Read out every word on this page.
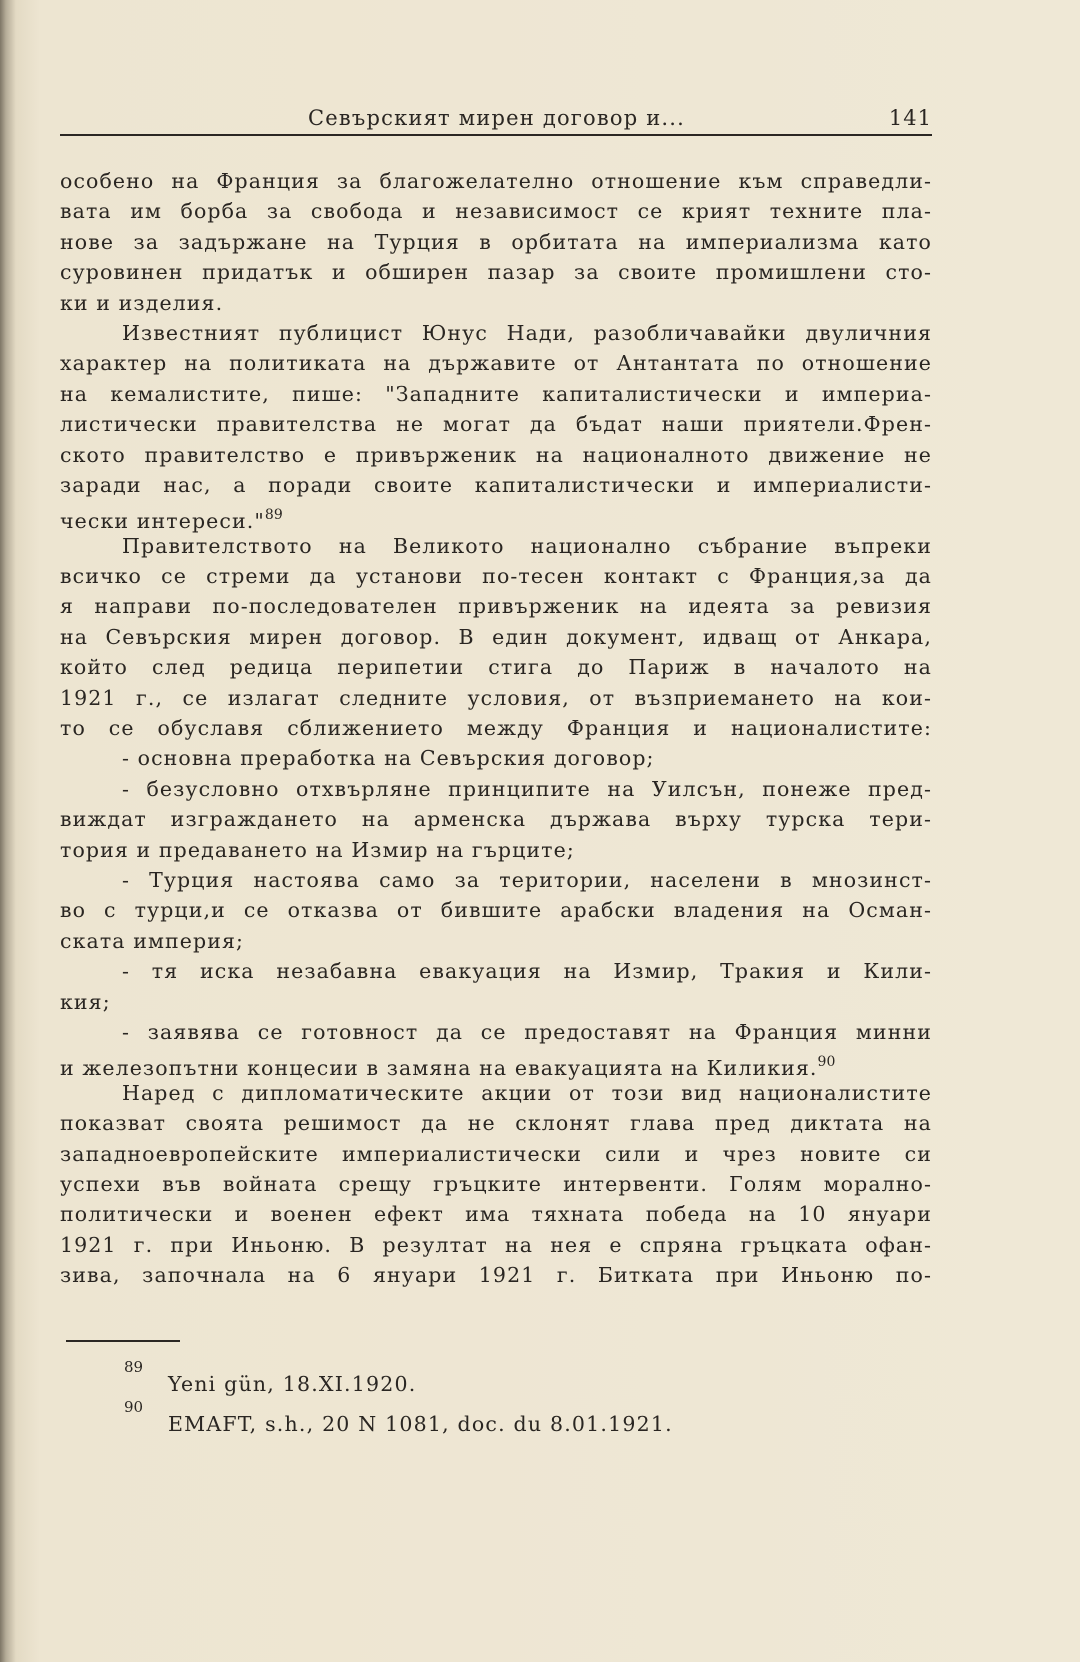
Севърският мирен договор и...	141
особено на Франция за благожелателно отношение към справедли-
вата им борба за свобода и независимост се крият техните пла-
нове за задържане на Турция в орбитата на империализма като
суровинен придатък и обширен пазар за своите промишлени сто-
ки и изделия.
Известният публицист Юнус Нади, разобличавайки двуличния
характер на политиката на държавите от Антантата по отношение
на кемалистите, пише: "Западните капиталистически и империа-
листически правителства не могат да бъдат наши приятели.Френ-
ското правителство е привърженик на националното движение не
заради нас, а поради своите капиталистически и империалисти-
чески интереси."$^{89}$
Правителството на Великото национално събрание въпреки
всичко се стреми да установи по-тесен контакт с Франция,за да
я направи по-последователен привърженик на идеята за ревизия
на Севърския мирен договор. В един документ, идващ от Анкара,
който след редица перипетии стига до Париж в началото на
1921 г., се излагат следните условия, от възприемането на кои-
то се обуславя сближението между Франция и националистите:
- основна преработка на Севърския договор;
- безусловно отхвърляне принципите на Уилсън, понеже пред-
виждат изграждането на арменска държава върху турска тери-
тория и предаването на Измир на гърците;
- Турция настоява само за територии, населени в мнозинст-
во с турци,и се отказва от бившите арабски владения на Осман-
ската империя;
- тя иска незабавна евакуация на Измир, Тракия и Кили-
кия;
- заявява се готовност да се предоставят на Франция минни
и железопътни концесии в замяна на евакуацията на Киликия.$^{90}$
Наред с дипломатическите акции от този вид националистите
показват своята решимост да не склонят глава пред диктата на
западноевропейските империалистически сили и чрез новите си
успехи във войната срещу гръцките интервенти. Голям морално-
политически и военен ефект има тяхната победа на 10 януари
1921 г. при Иньоню. В резултат на нея е спряна гръцката офан-
зива, започнала на 6 януари 1921 г. Битката при Иньоню по-
89
Yeni gün, 18.XI.1920.
90
EMAFT, s.h., 20 N 1081, doc. du 8.01.1921.
